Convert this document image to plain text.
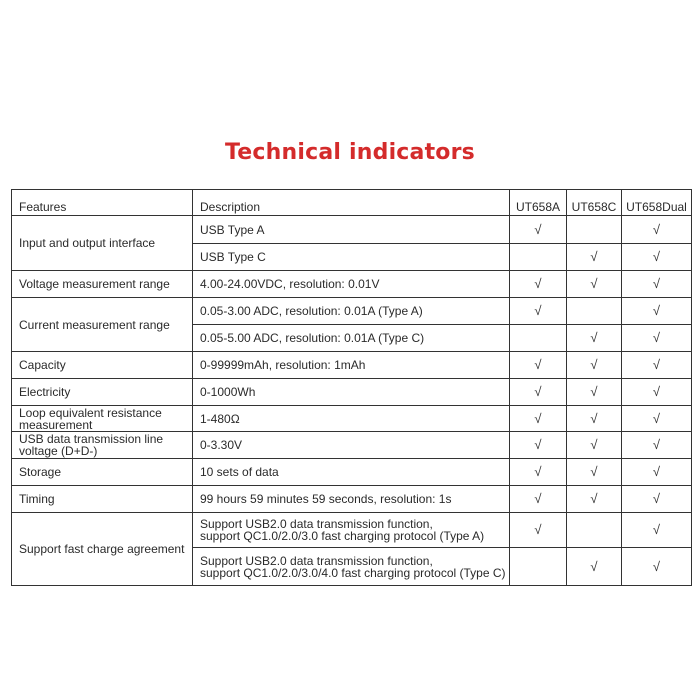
Technical indicators
Features	Description	UT658A	UT658C	UT658Dual
Input and output interface	USB Type A	√		√
	USB Type C		√	√
Voltage measurement range	4.00-24.00VDC, resolution: 0.01V	√	√	√
Current measurement range	0.05-3.00 ADC, resolution: 0.01A (Type A)	√		√
	0.05-5.00 ADC, resolution: 0.01A (Type C)		√	√
Capacity	0-99999mAh, resolution: 1mAh	√	√	√
Electricity	0-1000Wh	√	√	√
Loop equivalent resistance
measurement	1-480Ω	√	√	√
USB data transmission line
voltage (D+D-)	0-3.30V	√	√	√
Storage	10 sets of data	√	√	√
Timing	99 hours 59 minutes 59 seconds, resolution: 1s	√	√	√
Support fast charge agreement	Support USB2.0 data transmission function,
support QC1.0/2.0/3.0 fast charging protocol (Type A)	√		√
	Support USB2.0 data transmission function,
support QC1.0/2.0/3.0/4.0 fast charging protocol (Type C)		√	√
